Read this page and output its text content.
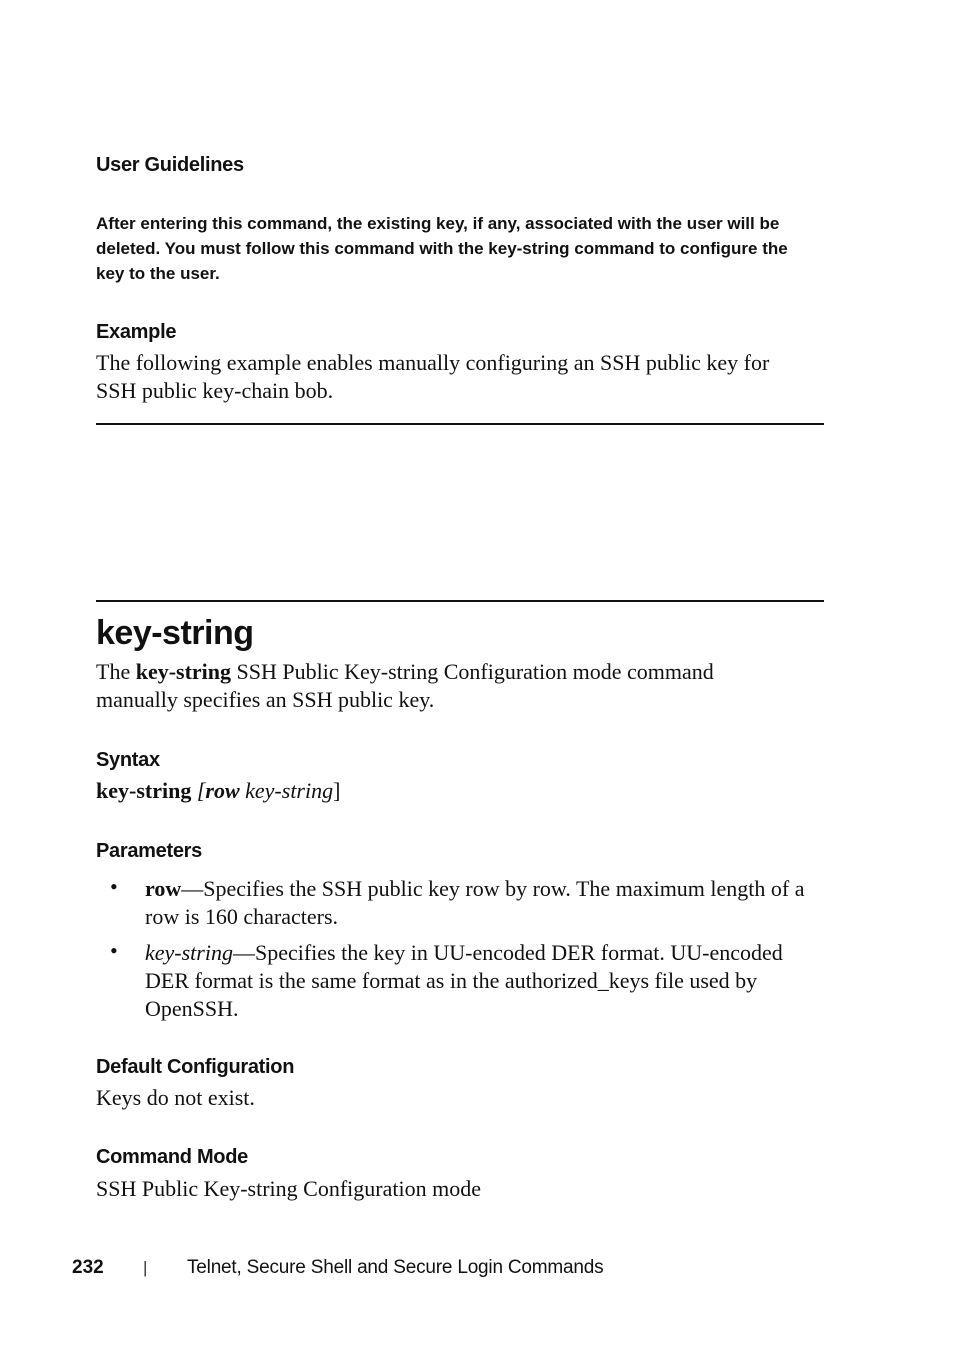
User Guidelines
After entering this command, the existing key, if any, associated with the user will be
deleted. You must follow this command with the key-string command to configure the
key to the user.
Example
The following example enables manually configuring an SSH public key for
SSH public key-chain bob.
key-string
The key-string SSH Public Key-string Configuration mode command
manually specifies an SSH public key.
Syntax
key-string [row key-string]
Parameters
• row—Specifies the SSH public key row by row. The maximum length of a
row is 160 characters.
• key-string—Specifies the key in UU-encoded DER format. UU-encoded
DER format is the same format as in the authorized_keys file used by
OpenSSH.
Default Configuration
Keys do not exist.
Command Mode
SSH Public Key-string Configuration mode
232 | Telnet, Secure Shell and Secure Login Commands
